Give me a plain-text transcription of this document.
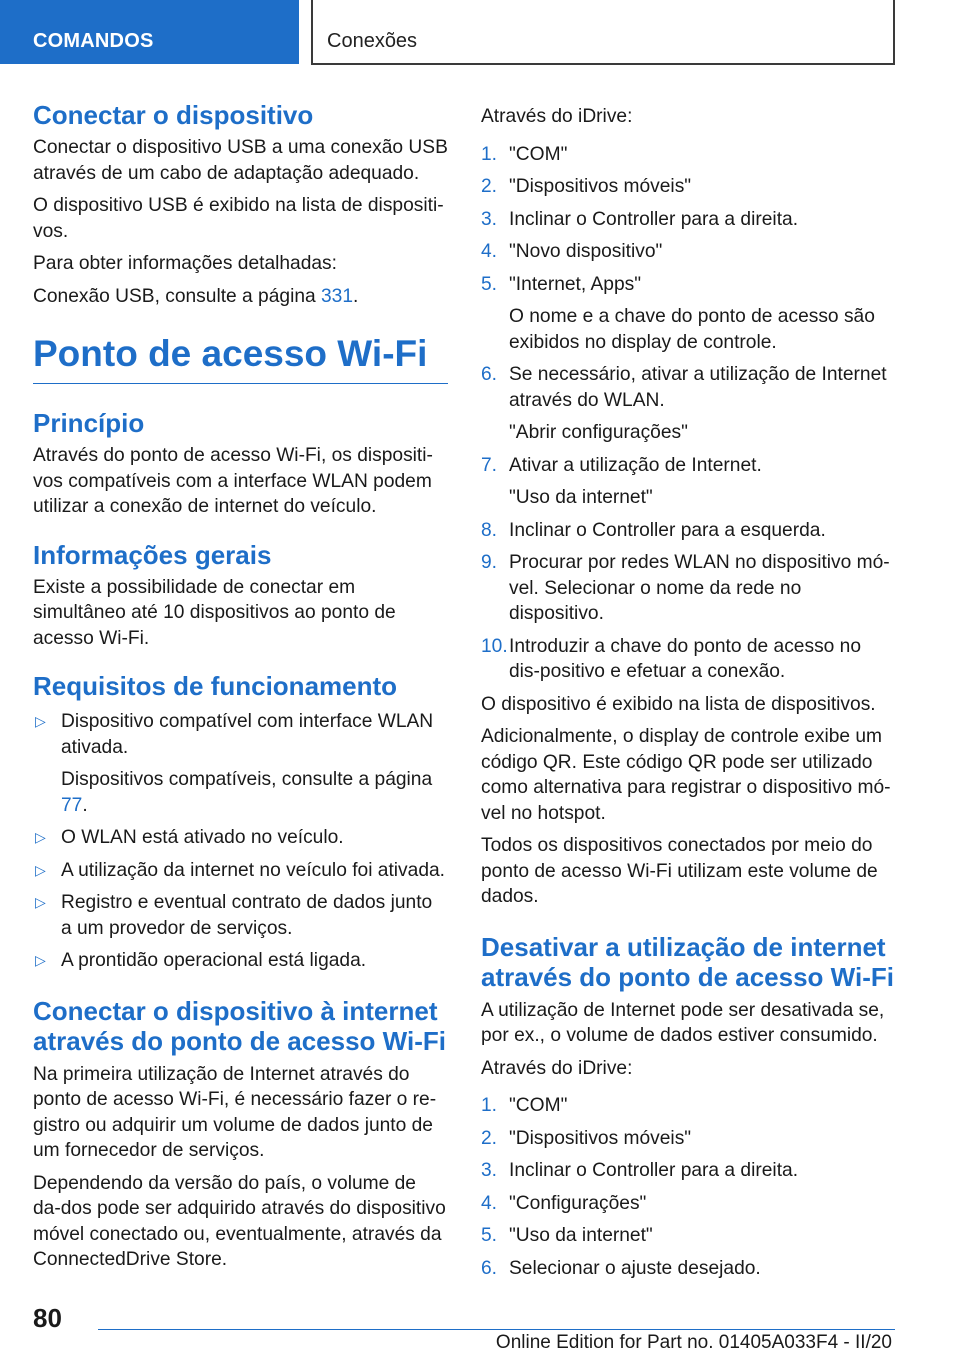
COMANDOS	Conexões
Conectar o dispositivo

Conectar o dispositivo USB a uma conexão USB através de um cabo de adaptação adequado.

O dispositivo USB é exibido na lista de dispositi-vos.

Para obter informações detalhadas:

Conexão USB, consulte a página 331.

Ponto de acesso Wi-Fi
Princípio

Através do ponto de acesso Wi-Fi, os dispositi-vos compatíveis com a interface WLAN podem utilizar a conexão de internet do veículo.

Informações gerais

Existe a possibilidade de conectar em simultâneo até 10 dispositivos ao ponto de acesso Wi-Fi.

Requisitos de funcionamento
▷ Dispositivo compatível com interface WLAN ativada.
Dispositivos compatíveis, consulte a página 77.
▷ O WLAN está ativado no veículo.
▷ A utilização da internet no veículo foi ativada.
▷ Registro e eventual contrato de dados junto a um provedor de serviços.
▷ A prontidão operacional está ligada.
Conectar o dispositivo à internet através do ponto de acesso Wi-Fi

Na primeira utilização de Internet através do ponto de acesso Wi-Fi, é necessário fazer o re-gistro ou adquirir um volume de dados junto de um fornecedor de serviços.

Dependendo da versão do país, o volume de da-dos pode ser adquirido através do dispositivo móvel conectado ou, eventualmente, através da ConnectedDrive Store.

Através do iDrive:

1. "COM"
2. "Dispositivos móveis"
3. Inclinar o Controller para a direita.
4. "Novo dispositivo"
5. "Internet, Apps"
O nome e a chave do ponto de acesso são exibidos no display de controle.
6. Se necessário, ativar a utilização de Internet através do WLAN.
"Abrir configurações"
7. Ativar a utilização de Internet.
"Uso da internet"
8. Inclinar o Controller para a esquerda.
9. Procurar por redes WLAN no dispositivo mó-vel. Selecionar o nome da rede no dispositivo.
10. Introduzir a chave do ponto de acesso no dis-positivo e efetuar a conexão.

O dispositivo é exibido na lista de dispositivos.

Adicionalmente, o display de controle exibe um código QR. Este código QR pode ser utilizado como alternativa para registrar o dispositivo mó-vel no hotspot.

Todos os dispositivos conectados por meio do ponto de acesso Wi-Fi utilizam este volume de dados.

Desativar a utilização de internet através do ponto de acesso Wi-Fi

A utilização de Internet pode ser desativada se, por ex., o volume de dados estiver consumido.

Através do iDrive:

1. "COM"
2. "Dispositivos móveis"
3. Inclinar o Controller para a direita.
4. "Configurações"
5. "Uso da internet"
6. Selecionar o ajuste desejado.
80
Online Edition for Part no. 01405A033F4 - II/20
